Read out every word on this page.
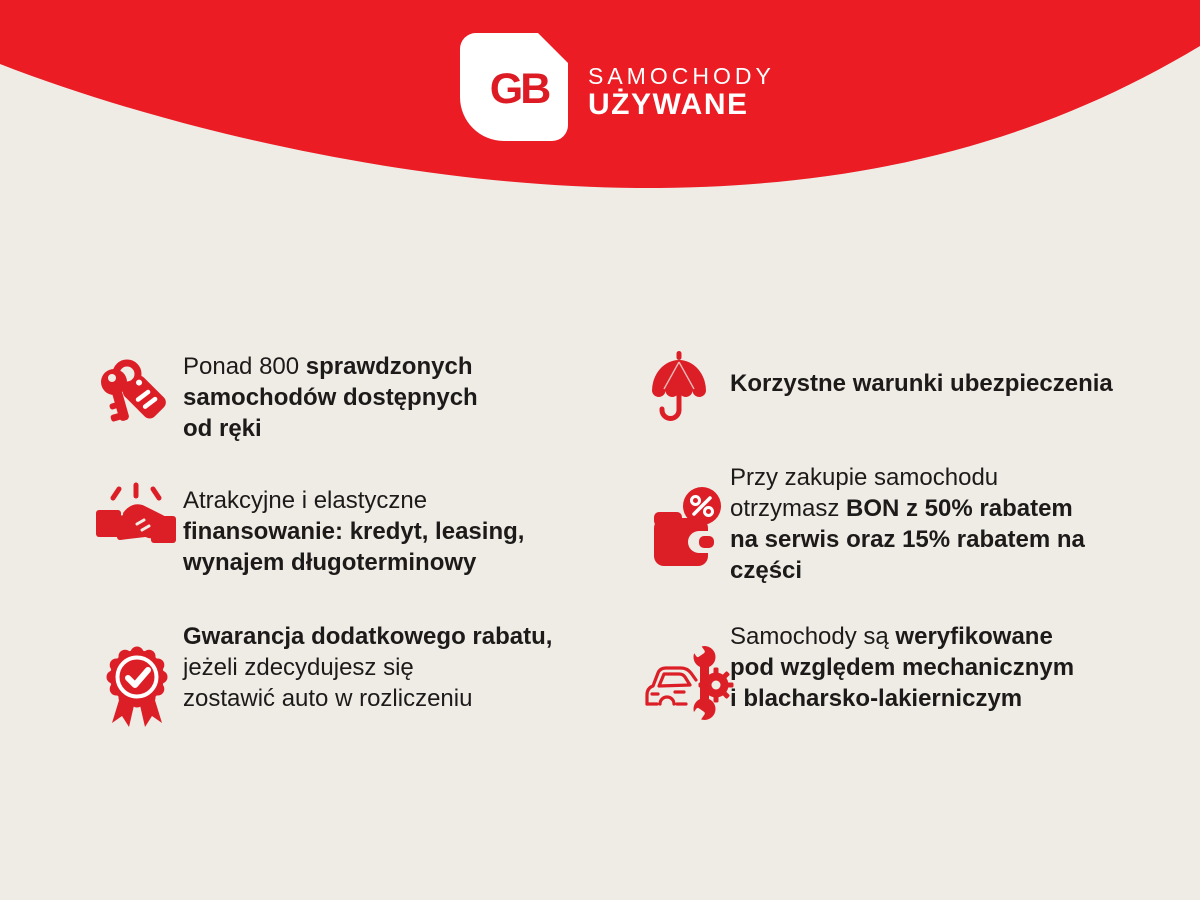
GB	SAMOCHODY
UŻYWANE
Ponad 800 sprawdzonych
samochodów dostępnych
od ręki
Atrakcyjne i elastyczne
finansowanie: kredyt, leasing,
wynajem długoterminowy
Gwarancja dodatkowego rabatu,
jeżeli zdecydujesz się
zostawić auto w rozliczeniu
Korzystne warunki ubezpieczenia
Przy zakupie samochodu
otrzymasz BON z 50% rabatem
na serwis oraz 15% rabatem na
części
Samochody są weryfikowane
pod względem mechanicznym
i blacharsko-lakierniczym
